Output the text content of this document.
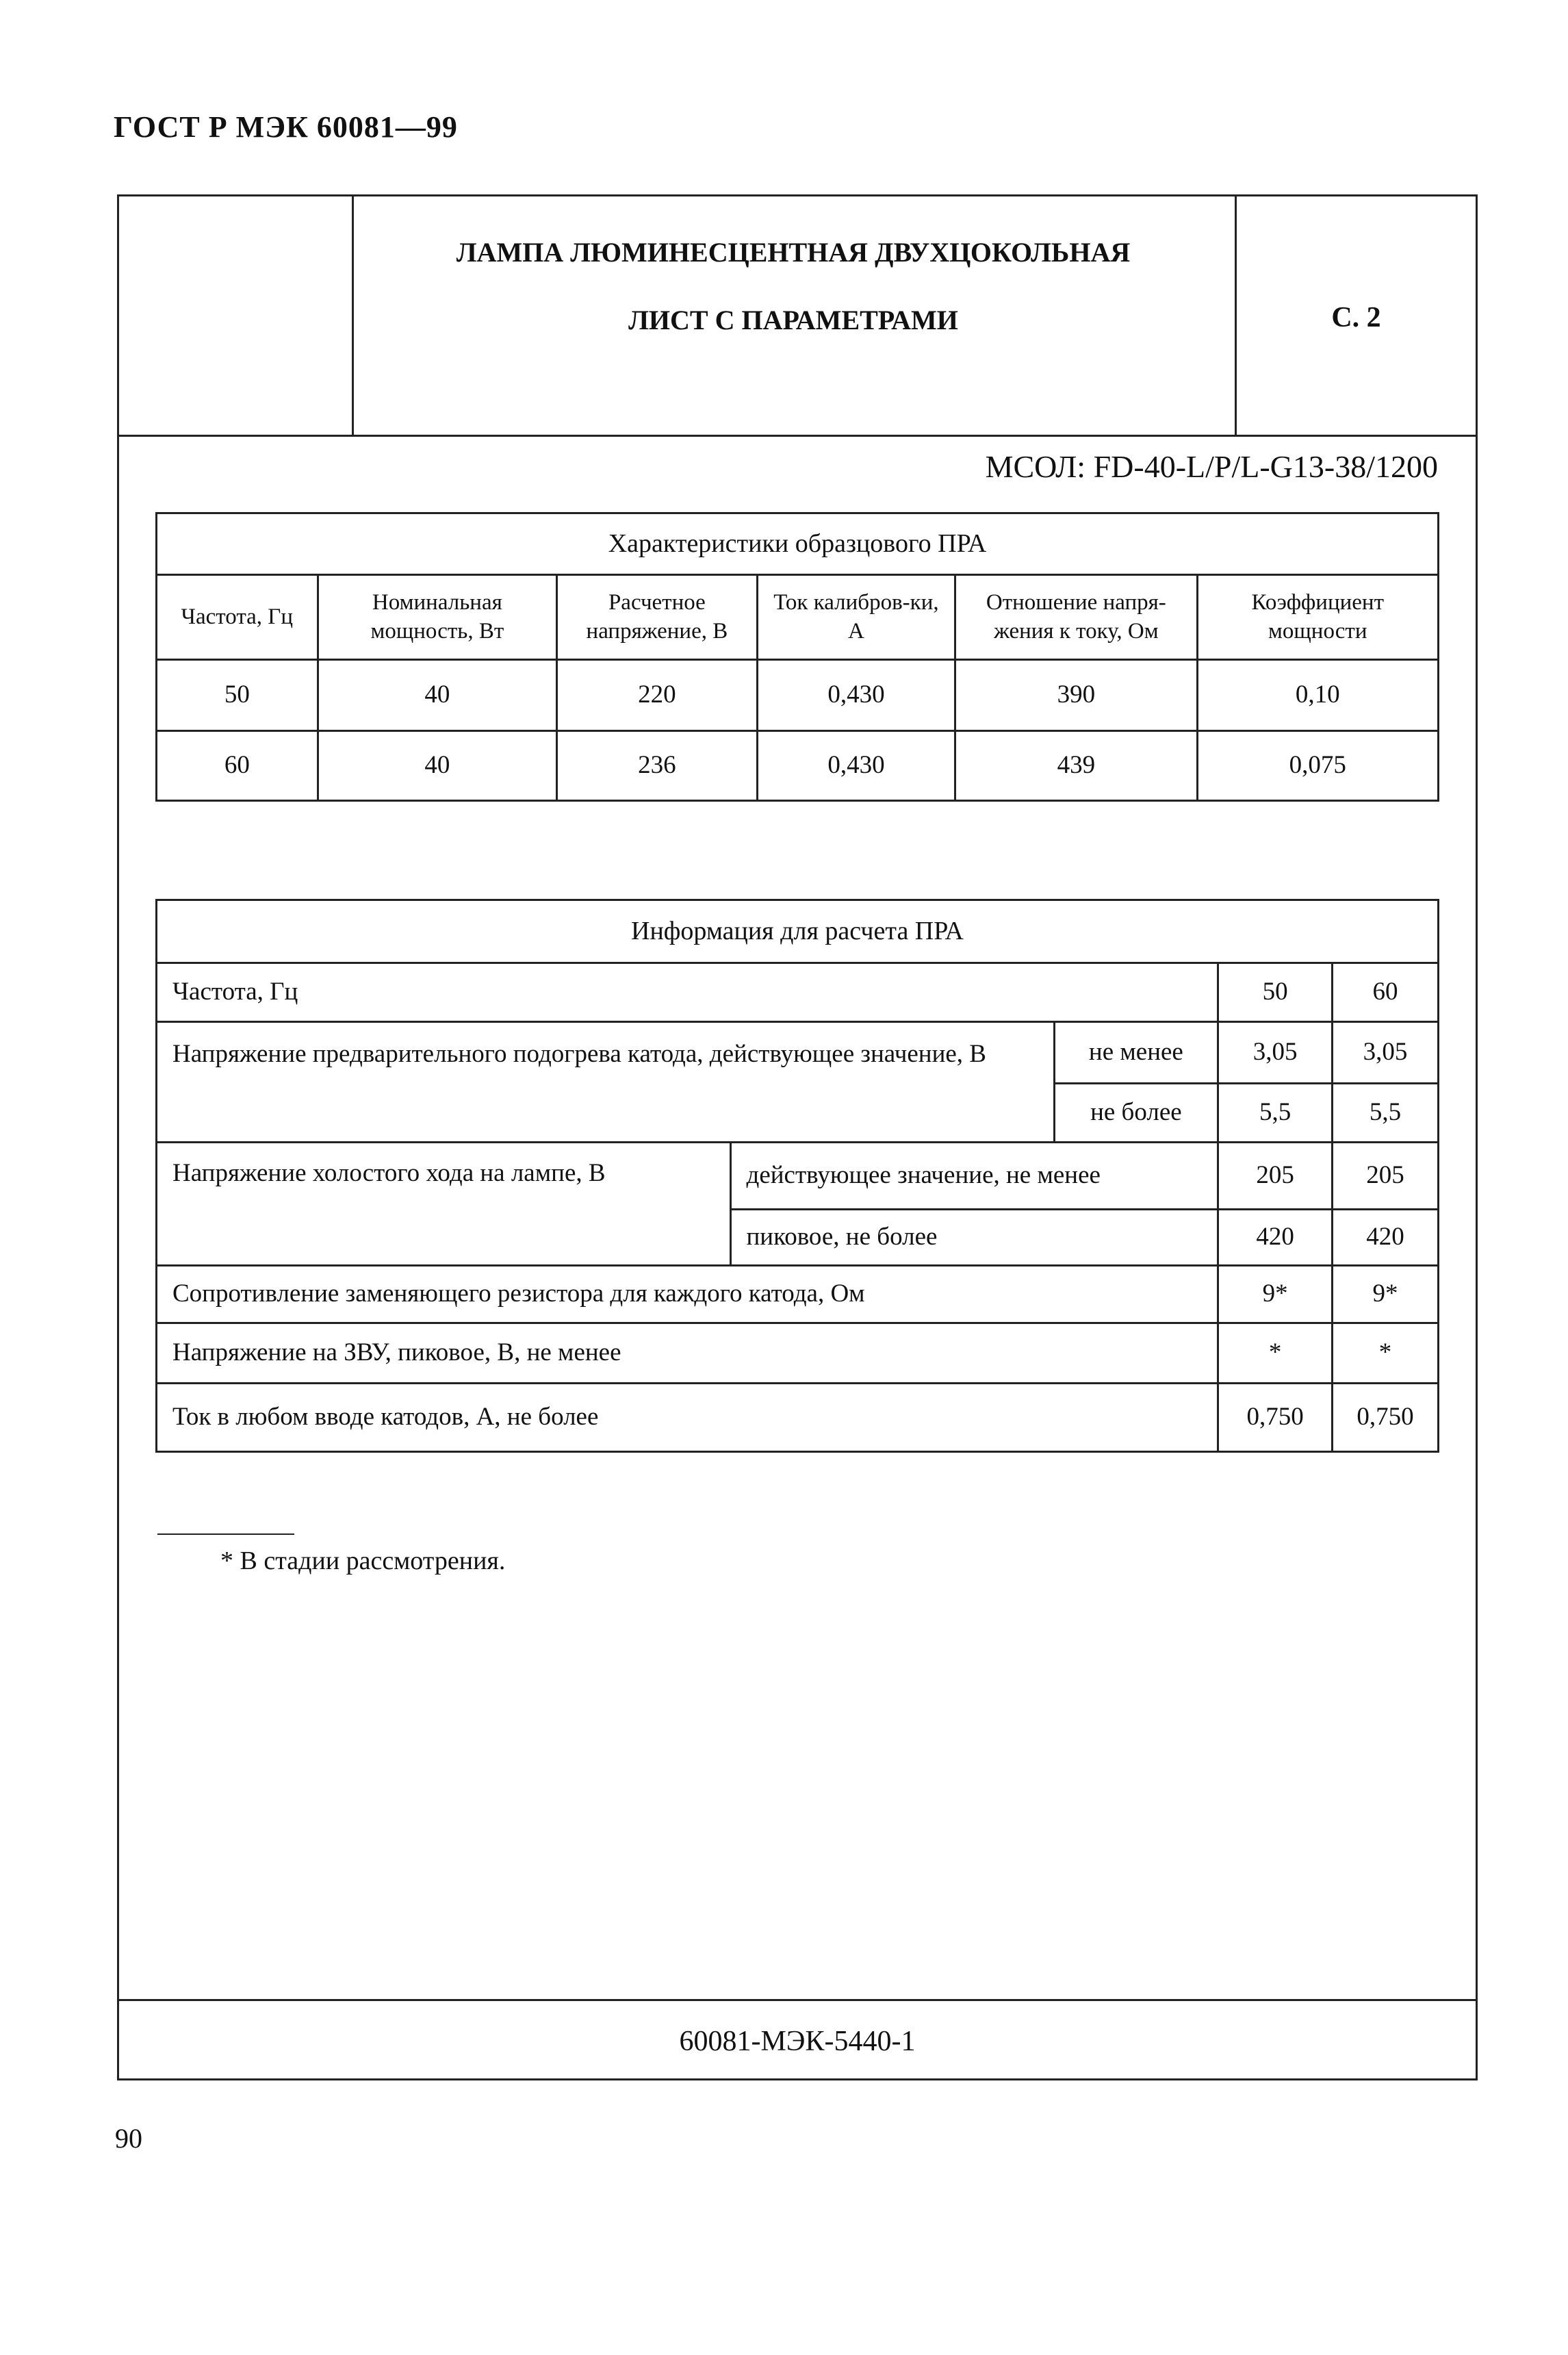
ГОСТ Р МЭК 60081—99
ЛАМПА ЛЮМИНЕСЦЕНТНАЯ ДВУХЦОКОЛЬНАЯ
ЛИСТ С ПАРАМЕТРАМИ	С. 2
МСОЛ: FD-40-L/P/L-G13-38/1200
Характеристики образцового ПРА					
Частота, Гц	Номинальная мощность, Вт	Расчетное напряжение, В	Ток калибров-ки, А	Отношение напря-жения к току, Ом	Коэффициент мощности
50	40	220	0,430	390	0,10
60	40	236	0,430	439	0,075
Информация для расчета ПРА				
Частота, Гц			50	60
Напряжение предварительного подогрева катода, действующее значение, В		не менее	3,05	3,05
		не более	5,5	5,5
Напряжение холостого хода на лампе, В	действующее значение, не менее		205	205
	пиковое, не более		420	420
Сопротивление заменяющего резистора для каждого катода, Ом			9*	9*
Напряжение на ЗВУ, пиковое, В, не менее			*	*
Ток в любом вводе катодов, А, не более			0,750	0,750
* В стадии рассмотрения.
60081-МЭК-5440-1
90
